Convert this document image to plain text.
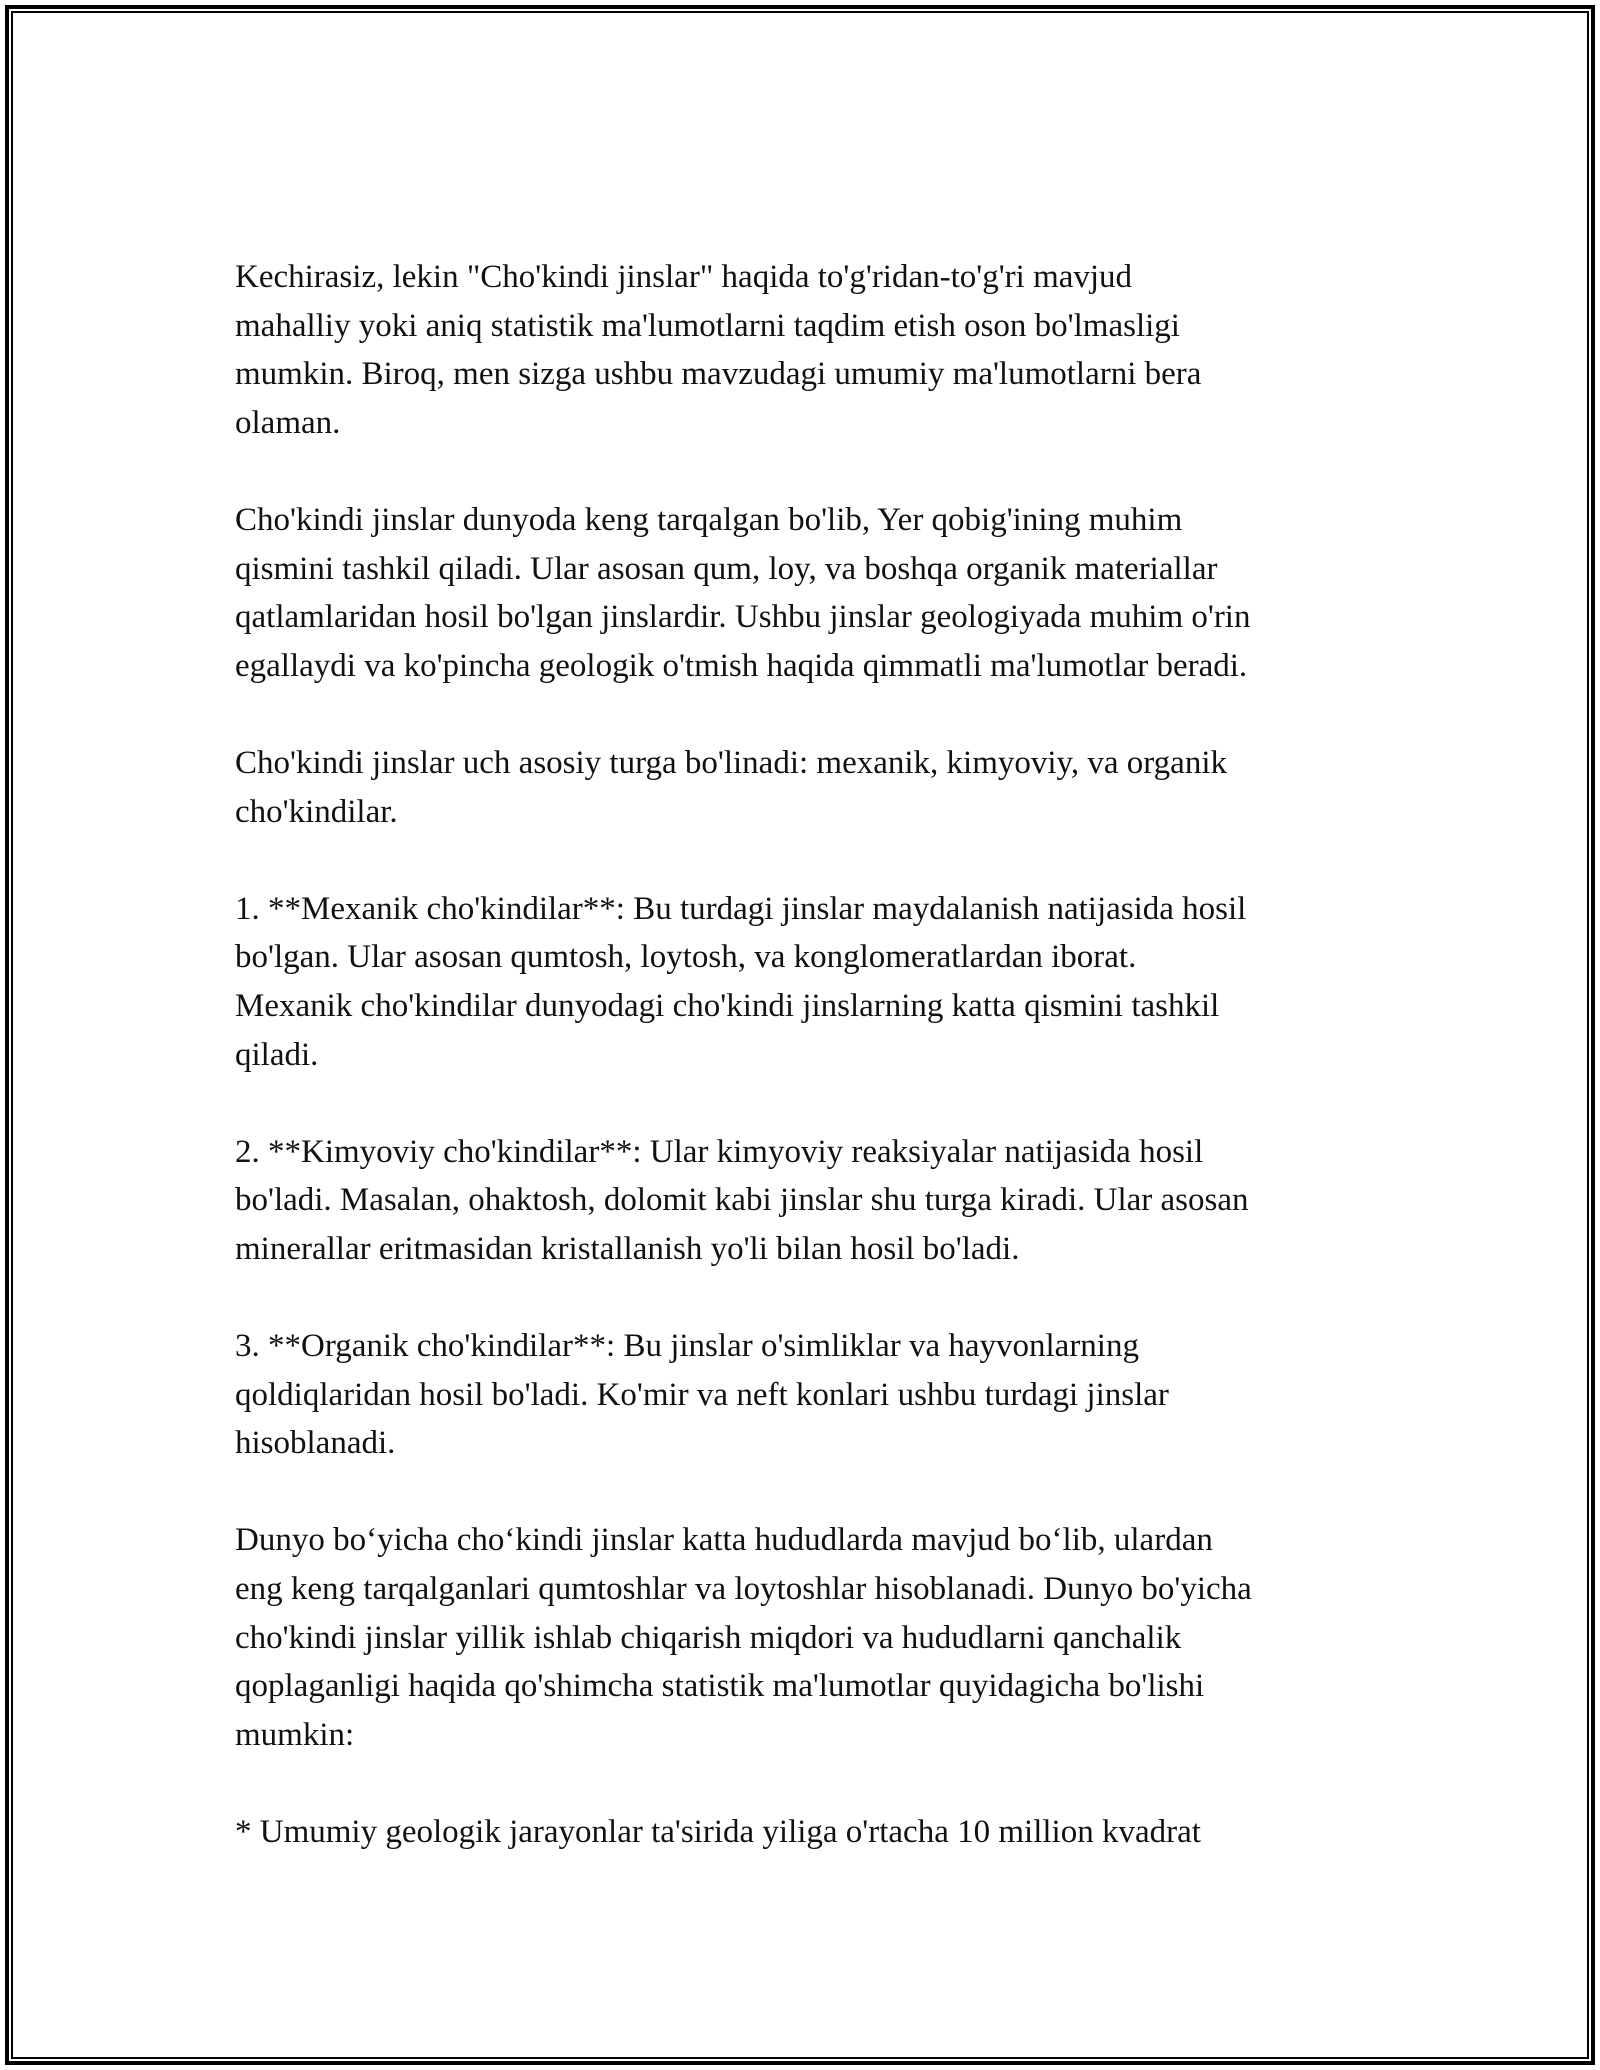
Kechirasiz, lekin "Cho'kindi jinslar" haqida to'g'ridan-to'g'ri mavjud
mahalliy yoki aniq statistik ma'lumotlarni taqdim etish oson bo'lmasligi
mumkin. Biroq, men sizga ushbu mavzudagi umumiy ma'lumotlarni bera
olaman.

Cho'kindi jinslar dunyoda keng tarqalgan bo'lib, Yer qobig'ining muhim
qismini tashkil qiladi. Ular asosan qum, loy, va boshqa organik materiallar
qatlamlaridan hosil bo'lgan jinslardir. Ushbu jinslar geologiyada muhim o'rin
egallaydi va ko'pincha geologik o'tmish haqida qimmatli ma'lumotlar beradi.

Cho'kindi jinslar uch asosiy turga bo'linadi: mexanik, kimyoviy, va organik
cho'kindilar.

1. **Mexanik cho'kindilar**: Bu turdagi jinslar maydalanish natijasida hosil
bo'lgan. Ular asosan qumtosh, loytosh, va konglomeratlardan iborat.
Mexanik cho'kindilar dunyodagi cho'kindi jinslarning katta qismini tashkil
qiladi.

2. **Kimyoviy cho'kindilar**: Ular kimyoviy reaksiyalar natijasida hosil
bo'ladi. Masalan, ohaktosh, dolomit kabi jinslar shu turga kiradi. Ular asosan
minerallar eritmasidan kristallanish yo'li bilan hosil bo'ladi.

3. **Organik cho'kindilar**: Bu jinslar o'simliklar va hayvonlarning
qoldiqlaridan hosil bo'ladi. Ko'mir va neft konlari ushbu turdagi jinslar
hisoblanadi.

Dunyo bo‘yicha cho‘kindi jinslar katta hududlarda mavjud bo‘lib, ulardan
eng keng tarqalganlari qumtoshlar va loytoshlar hisoblanadi. Dunyo bo'yicha
cho'kindi jinslar yillik ishlab chiqarish miqdori va hududlarni qanchalik
qoplaganligi haqida qo'shimcha statistik ma'lumotlar quyidagicha bo'lishi
mumkin:

* Umumiy geologik jarayonlar ta'sirida yiligа o'rtacha 10 million kvadrat
